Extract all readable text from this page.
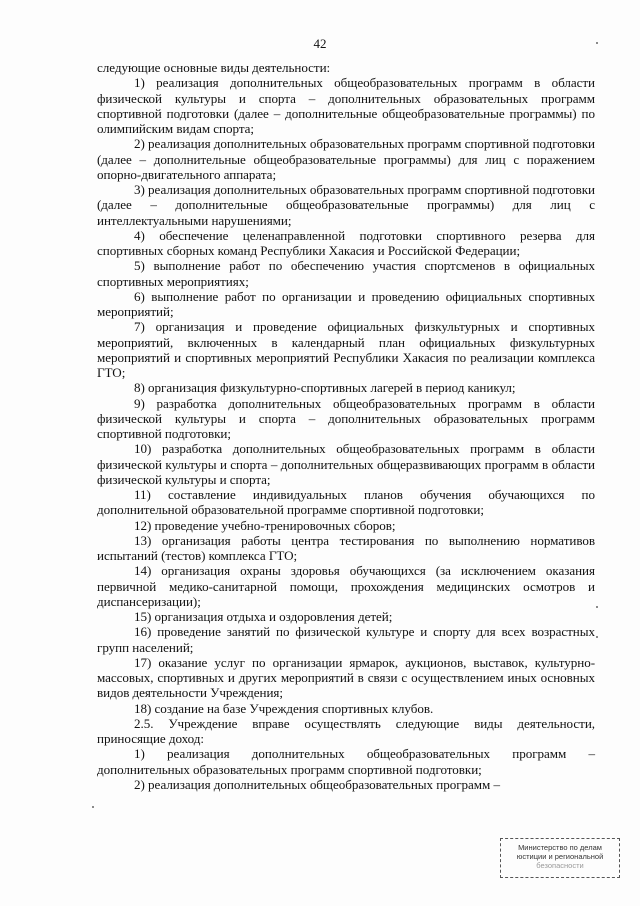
42

следующие основные виды деятельности:

1) реализация дополнительных общеобразовательных программ в области физической культуры и спорта – дополнительных образовательных программ спортивной подготовки (далее – дополнительные общеобразовательные программы) по олимпийским видам спорта;

2) реализация дополнительных образовательных программ спортивной подготовки (далее – дополнительные общеобразовательные программы) для лиц с поражением опорно-двигательного аппарата;

3) реализация дополнительных образовательных программ спортивной подготовки (далее – дополнительные общеобразовательные программы) для лиц с интеллектуальными нарушениями;

4) обеспечение целенаправленной подготовки спортивного резерва для спортивных сборных команд Республики Хакасия и Российской Федерации;

5) выполнение работ по обеспечению участия спортсменов в официальных спортивных мероприятиях;

6) выполнение работ по организации и проведению официальных спортивных мероприятий;

7) организация и проведение официальных физкультурных и спортивных мероприятий, включенных в календарный план официальных физкультурных мероприятий и спортивных мероприятий Республики Хакасия по реализации комплекса ГТО;

8) организация физкультурно-спортивных лагерей в период каникул;

9) разработка дополнительных общеобразовательных программ в области физической культуры и спорта – дополнительных образовательных программ спортивной подготовки;

10) разработка дополнительных общеобразовательных программ в области физической культуры и спорта – дополнительных общеразвивающих программ в области физической культуры и спорта;

11) составление индивидуальных планов обучения обучающихся по дополнительной образовательной программе спортивной подготовки;

12) проведение учебно-тренировочных сборов;

13) организация работы центра тестирования по выполнению нормативов испытаний (тестов) комплекса ГТО;

14) организация охраны здоровья обучающихся (за исключением оказания первичной медико-санитарной помощи, прохождения медицинских осмотров и диспансеризации);

15) организация отдыха и оздоровления детей;

16) проведение занятий по физической культуре и спорту для всех возрастных групп населений;

17) оказание услуг по организации ярмарок, аукционов, выставок, культурно-массовых, спортивных и других мероприятий в связи с осуществлением иных основных видов деятельности Учреждения;

18) создание на базе Учреждения спортивных клубов.

2.5. Учреждение вправе осуществлять следующие виды деятельности, приносящие доход:

1) реализация дополнительных общеобразовательных программ – дополнительных образовательных программ спортивной подготовки;

2) реализация дополнительных общеобразовательных программ –

Министерство по делам
юстиции и региональной
безопасности
